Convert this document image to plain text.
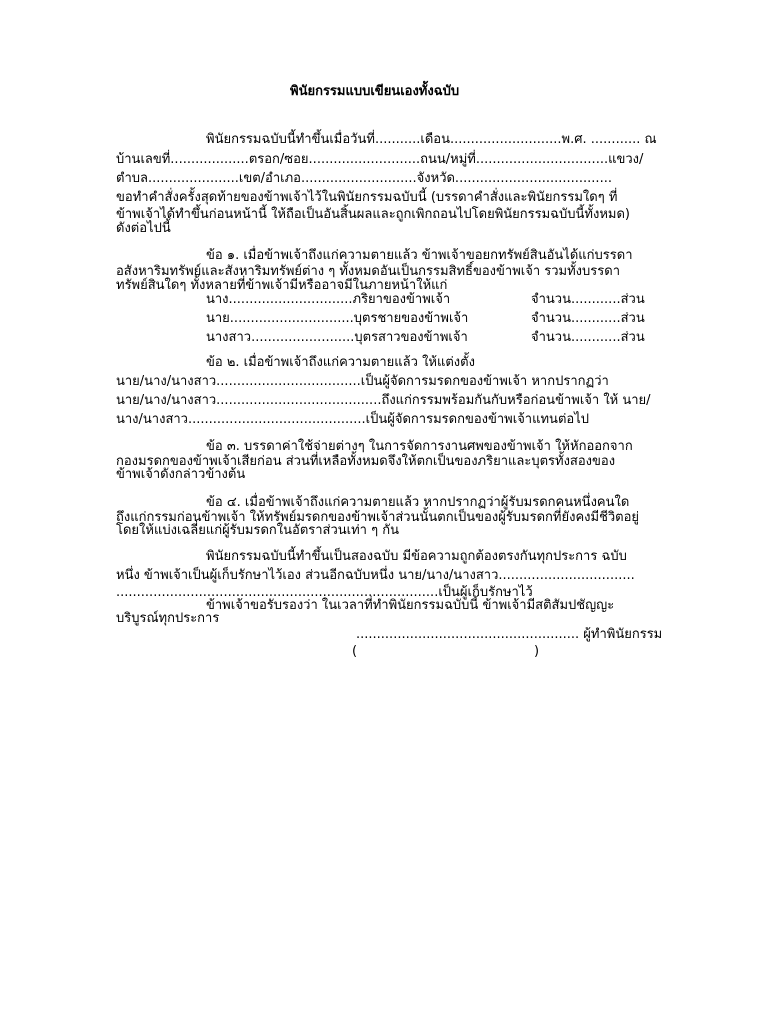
พินัยกรรมแบบเขียนเองทั้งฉบับ
พินัยกรรมฉบับนี้ทำขึ้นเมื่อวันที่...........เดือน...........................พ.ศ. ............ ณ
บ้านเลขที่...................ตรอก/ซอย...........................ถนน/หมู่ที่................................แขวง/
ตำบล......................เขต/อำเภอ............................จังหวัด......................................
ขอทำคำสั่งครั้งสุดท้ายของข้าพเจ้าไว้ในพินัยกรรมฉบับนี้ (บรรดาคำสั่งและพินัยกรรมใดๆ ที่
ข้าพเจ้าได้ทำขึ้นก่อนหน้านี้ ให้ถือเป็นอันสิ้นผลและถูกเพิกถอนไปโดยพินัยกรรมฉบับนี้ทั้งหมด)
ดังต่อไปนี้
ข้อ ๑. เมื่อข้าพเจ้าถึงแก่ความตายแล้ว ข้าพเจ้าขอยกทรัพย์สินอันได้แก่บรรดา
อสังหาริมทรัพย์และสังหาริมทรัพย์ต่าง ๆ ทั้งหมดอันเป็นกรรมสิทธิ์ของข้าพเจ้า รวมทั้งบรรดา
ทรัพย์สินใดๆ ทั้งหลายที่ข้าพเจ้ามีหรืออาจมีในภายหน้าให้แก่
นาง..............................ภริยาของข้าพเจ้า	จำนวน............ส่วน
นาย..............................บุตรชายของข้าพเจ้า	จำนวน............ส่วน
นางสาว.........................บุตรสาวของข้าพเจ้า	จำนวน............ส่วน
ข้อ ๒. เมื่อข้าพเจ้าถึงแก่ความตายแล้ว ให้แต่งตั้ง
นาย/นาง/นางสาว...................................เป็นผู้จัดการมรดกของข้าพเจ้า หากปรากฏว่า
นาย/นาง/นางสาว........................................ถึงแก่กรรมพร้อมกันกับหรือก่อนข้าพเจ้า ให้ นาย/
นาง/นางสาว...........................................เป็นผู้จัดการมรดกของข้าพเจ้าแทนต่อไป
ข้อ ๓. บรรดาค่าใช้จ่ายต่างๆ ในการจัดการงานศพของข้าพเจ้า ให้หักออกจาก
กองมรดกของข้าพเจ้าเสียก่อน ส่วนที่เหลือทั้งหมดจึงให้ตกเป็นของภริยาและบุตรทั้งสองของ
ข้าพเจ้าดังกล่าวข้างต้น
ข้อ ๔. เมื่อข้าพเจ้าถึงแก่ความตายแล้ว หากปรากฏว่าผู้รับมรดกคนหนึ่งคนใด
ถึงแก่กรรมก่อนข้าพเจ้า ให้ทรัพย์มรดกของข้าพเจ้าส่วนนั้นตกเป็นของผู้รับมรดกที่ยังคงมีชีวิตอยู่
โดยให้แบ่งเฉลี่ยแก่ผู้รับมรดกในอัตราส่วนเท่า ๆ กัน
พินัยกรรมฉบับนี้ทำขึ้นเป็นสองฉบับ มีข้อความถูกต้องตรงกันทุกประการ ฉบับ
หนึ่ง ข้าพเจ้าเป็นผู้เก็บรักษาไว้เอง ส่วนอีกฉบับหนึ่ง นาย/นาง/นางสาว.................................
..............................................................................เป็นผู้เก็บรักษาไว้
ข้าพเจ้าขอรับรองว่า ในเวลาที่ทำพินัยกรรมฉบับนี้ ข้าพเจ้ามีสติสัมปชัญญะ
บริบูรณ์ทุกประการ
...................................................... ผู้ทำพินัยกรรม
(	)
